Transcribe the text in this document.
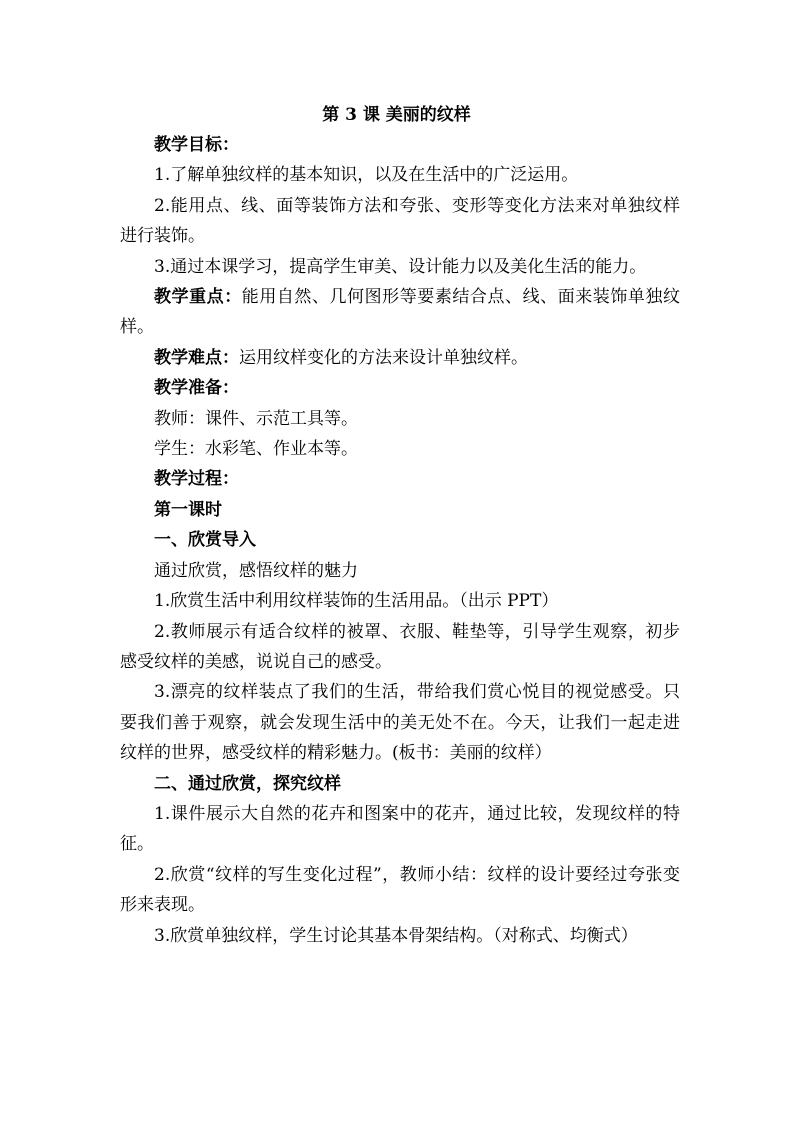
第 3 课 美丽的纹样

教学目标：

1.了解单独纹样的基本知识，以及在生活中的广泛运用。

2.能用点、线、面等装饰方法和夸张、变形等变化方法来对单独纹样进行装饰。

3.通过本课学习，提高学生审美、设计能力以及美化生活的能力。

教学重点：能用自然、几何图形等要素结合点、线、面来装饰单独纹样。

教学难点：运用纹样变化的方法来设计单独纹样。

教学准备：

教师：课件、示范工具等。

学生：水彩笔、作业本等。

教学过程：

第一课时

一、欣赏导入

通过欣赏，感悟纹样的魅力

1.欣赏生活中利用纹样装饰的生活用品。（出示 PPT）

2.教师展示有适合纹样的被罩、衣服、鞋垫等，引导学生观察，初步感受纹样的美感，说说自己的感受。

3.漂亮的纹样装点了我们的生活，带给我们赏心悦目的视觉感受。只要我们善于观察，就会发现生活中的美无处不在。今天，让我们一起走进纹样的世界，感受纹样的精彩魅力。(板书：美丽的纹样）

二、通过欣赏，探究纹样

1.课件展示大自然的花卉和图案中的花卉，通过比较，发现纹样的特征。

2.欣赏“纹样的写生变化过程”，教师小结：纹样的设计要经过夸张变形来表现。

3.欣赏单独纹样，学生讨论其基本骨架结构。（对称式、均衡式）
